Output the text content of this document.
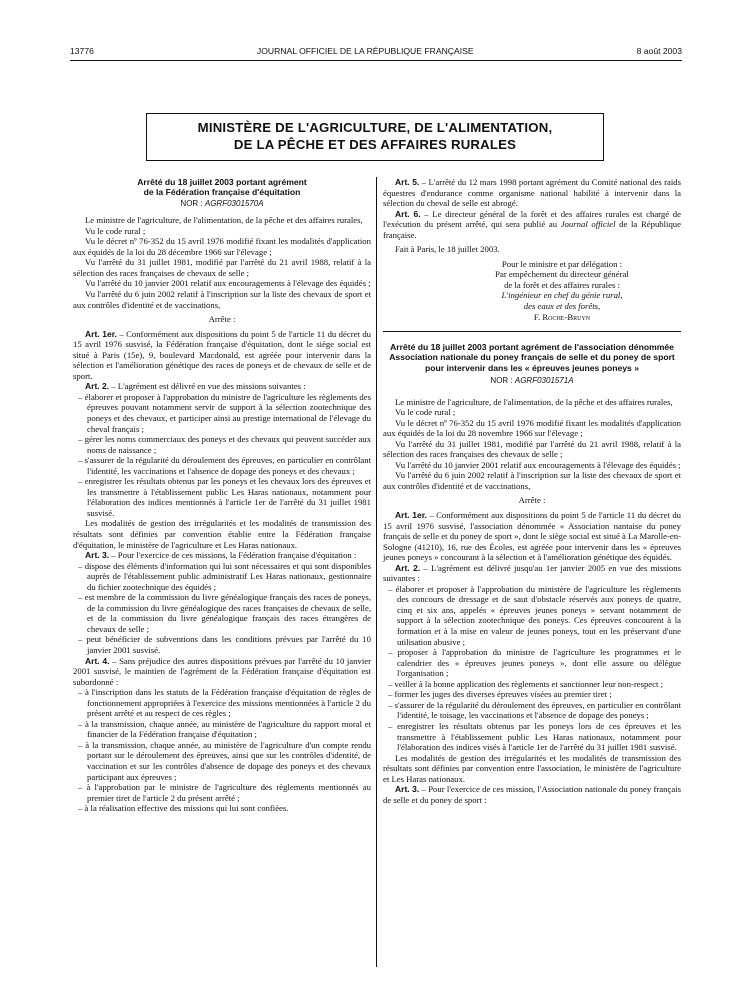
13776	JOURNAL OFFICIEL DE LA RÉPUBLIQUE FRANÇAISE	8 août 2003
MINISTÈRE DE L'AGRICULTURE, DE L'ALIMENTATION,
DE LA PÊCHE ET DES AFFAIRES RURALES
Arrêté du 18 juillet 2003 portant agrément
de la Fédération française d'équitation
NOR : AGRF0301570A

Le ministre de l'agriculture, de l'alimentation, de la pêche et des affaires rurales,

Vu le code rural ;

Vu le décret nº 76-352 du 15 avril 1976 modifié fixant les modalités d'application aux équidés de la loi du 28 décembre 1966 sur l'élevage ;

Vu l'arrêté du 31 juillet 1981, modifié par l'arrêté du 21 avril 1988, relatif à la sélection des races françaises de chevaux de selle ;

Vu l'arrêté du 10 janvier 2001 relatif aux encouragements à l'élevage des équidés ;

Vu l'arrêté du 6 juin 2002 relatif à l'inscription sur la liste des chevaux de sport et aux contrôles d'identité et de vaccinations,

Arrête :

Art. 1er. – Conformément aux dispositions du point 5 de l'article 11 du décret du 15 avril 1976 susvisé, la Fédération française d'équitation, dont le siège social est situé à Paris (15e), 9, boulevard Macdonald, est agréée pour intervenir dans la sélection et l'amélioration génétique des races de poneys et de chevaux de selle et de sport.

Art. 2. – L'agrément est délivré en vue des missions suivantes :

– élaborer et proposer à l'approbation du ministre de l'agriculture les règlements des épreuves pouvant notamment servir de support à la sélection zootechnique des poneys et des chevaux, et participer ainsi au prestige international de l'élevage du cheval français ;
– gérer les noms commerciaux des poneys et des chevaux qui peuvent succéder aux noms de naissance ;
– s'assurer de la régularité du déroulement des épreuves, en particulier en contrôlant l'identité, les vaccinations et l'absence de dopage des poneys et des chevaux ;
– enregistrer les résultats obtenus par les poneys et les chevaux lors des épreuves et les transmettre à l'établissement public Les Haras nationaux, notamment pour l'élaboration des indices mentionnés à l'article 1er de l'arrêté du 31 juillet 1981 susvisé.

Les modalités de gestion des irrégularités et les modalités de transmission des résultats sont définies par convention établie entre la Fédération française d'équitation, le ministère de l'agriculture et Les Haras nationaux.

Art. 3. – Pour l'exercice de ces missions, la Fédération française d'équitation :

– dispose des éléments d'information qui lui sont nécessaires et qui sont disponibles auprès de l'établissement public administratif Les Haras nationaux, gestionnaire du fichier zootechnique des équidés ;
– est membre de la commission du livre généalogique français des races de poneys, de la commission du livre généalogique des races françaises de chevaux de selle, et de la commission du livre généalogique français des races étrangères de chevaux de selle ;
– peut bénéficier de subventions dans les conditions prévues par l'arrêté du 10 janvier 2001 susvisé.

Art. 4. – Sans préjudice des autres dispositions prévues par l'arrêté du 10 janvier 2001 susvisé, le maintien de l'agrément de la Fédération française d'équitation est subordonné :

– à l'inscription dans les statuts de la Fédération française d'équitation de règles de fonctionnement appropriées à l'exercice des missions mentionnées à l'article 2 du présent arrêté et au respect de ces règles ;
– à la transmission, chaque année, au ministère de l'agriculture du rapport moral et financier de la Fédération française d'équitation ;
– à la transmission, chaque année, au ministère de l'agriculture d'un compte rendu portant sur le déroulement des épreuves, ainsi que sur les contrôles d'identité, de vaccination et sur les contrôles d'absence de dopage des poneys et des chevaux participant aux épreuves ;
– à l'approbation par le ministre de l'agriculture des règlements mentionnés au premier tiret de l'article 2 du présent arrêté ;
– à la réalisation effective des missions qui lui sont confiées.

Art. 5. – L'arrêté du 12 mars 1998 portant agrément du Comité national des raids équestres d'endurance comme organisme national habilité à intervenir dans la sélection du cheval de selle est abrogé.

Art. 6. – Le directeur général de la forêt et des affaires rurales est chargé de l'exécution du présent arrêté, qui sera publié au Journal officiel de la République française.

Fait à Paris, le 18 juillet 2003.

Pour le ministre et par délégation :
Par empêchement du directeur général
de la forêt et des affaires rurales :
L'ingénieur en chef du génie rural,
des eaux et des forêts,
F. Roche-Bruyn
Arrêté du 18 juillet 2003 portant agrément de l'association dénommée Association nationale du poney français de selle et du poney de sport pour intervenir dans les « épreuves jeunes poneys »
NOR : AGRF0301571A

Le ministre de l'agriculture, de l'alimentation, de la pêche et des affaires rurales,

Vu le code rural ;

Vu le décret nº 76-352 du 15 avril 1976 modifié fixant les modalités d'application aux équidés de la loi du 28 novembre 1966 sur l'élevage ;

Vu l'arrêté du 31 juillet 1981, modifié par l'arrêté du 21 avril 1988, relatif à la sélection des races françaises des chevaux de selle ;

Vu l'arrêté du 10 janvier 2001 relatif aux encouragements à l'élevage des équidés ;

Vu l'arrêté du 6 juin 2002 relatif à l'inscription sur la liste des chevaux de sport et aux contrôles d'identité et de vaccinations,

Arrête :

Art. 1er. – Conformément aux dispositions du point 5 de l'article 11 du décret du 15 avril 1976 susvisé, l'association dénommée « Association nantaise du poney français de selle et du poney de sport », dont le siège social est situé à La Marolle-en-Sologne (41210), 16, rue des Écoles, est agréée pour intervenir dans les « épreuves jeunes poneys » concourant à la sélection et à l'amélioration génétique des équidés.

Art. 2. – L'agrément est délivré jusqu'au 1er janvier 2005 en vue des missions suivantes :

– élaborer et proposer à l'approbation du ministère de l'agriculture les règlements des concours de dressage et de saut d'obstacle réservés aux poneys de quatre, cinq et six ans, appelés « épreuves jeunes poneys » servant notamment de support à la sélection zootechnique des poneys. Ces épreuves concourent à la formation et à la mise en valeur de jeunes poneys, tout en les préservant d'une utilisation abusive ;
– proposer à l'approbation du ministre de l'agriculture les programmes et le calendrier des « épreuves jeunes poneys », dont elle assure ou délègue l'organisation ;
– veiller à la bonne application des règlements et sanctionner leur non-respect ;
– former les juges des diverses épreuves visées au premier tiret ;
– s'assurer de la régularité du déroulement des épreuves, en particulier en contrôlant l'identité, le toisage, les vaccinations et l'absence de dopage des poneys ;
– enregistrer les résultats obtenus par les poneys lors de ces épreuves et les transmettre à l'établissement public Les Haras nationaux, notamment pour l'élaboration des indices visés à l'article 1er de l'arrêté du 31 juillet 1981 susvisé.

Les modalités de gestion des irrégularités et les modalités de transmission des résultats sont définies par convention entre l'association, le ministère de l'agriculture et Les Haras nationaux.

Art. 3. – Pour l'exercice de ces mission, l'Association nationale du poney français de selle et du poney de sport :
